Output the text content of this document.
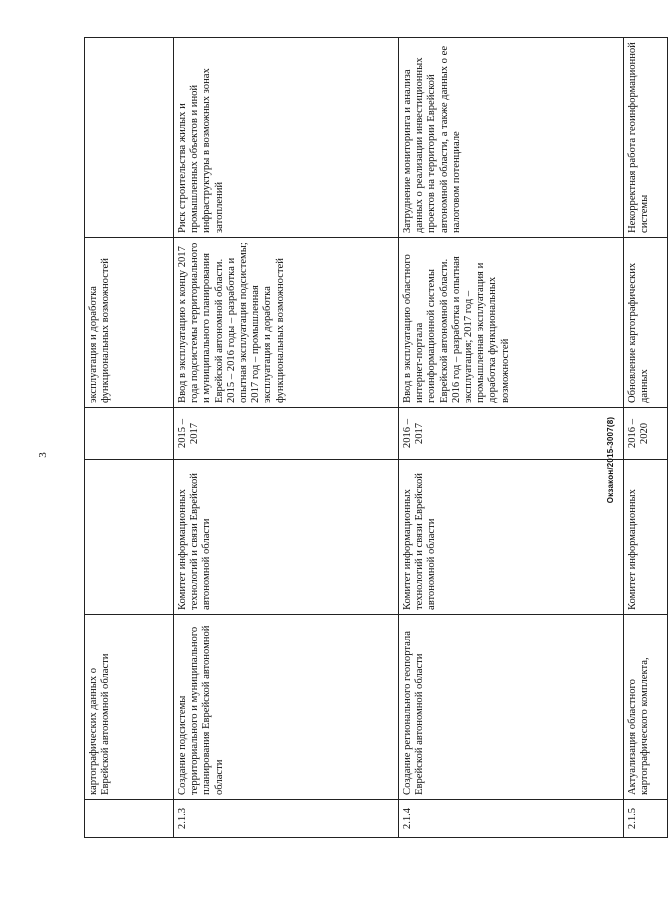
3	Окзакон/2015-3007(8)
	картографических данных о Еврейской автономной области			эксплуатация и доработка функциональных возможностей	
2.1.3	Создание подсистемы территориального и муниципального планирования Еврейской автономной области	Комитет информационных технологий и связи Еврейской автономной области	2015 – 2017	Ввод в эксплуатацию к концу 2017 года подсистемы территориального и муниципального планирования Еврейской автономной области. 2015 – 2016 годы – разработка и опытная эксплуатация подсистемы; 2017 год – промышленная эксплуатация и доработка функциональных возможностей	Риск строительства жилых и промышленных объектов и иной инфраструктуры в возможных зонах затоплений
2.1.4	Создание регионального геопортала Еврейской автономной области	Комитет информационных технологий и связи Еврейской автономной области	2016 – 2017	Ввод в эксплуатацию областного интернет-портала геоинформационной системы Еврейской автономной области. 2016 год – разработка и опытная эксплуатация; 2017 год – промышленная эксплуатация и доработка функциональных возможностей	Затруднение мониторинга и анализа данных о реализации инвестиционных проектов на территории Еврейской автономной области, а также данных о ее налоговом потенциале
2.1.5	Актуализация областного картографического комплекта,	Комитет информационных	2016 – 2020	Обновление картографических данных	Некорректная работа геоинформационной системы
